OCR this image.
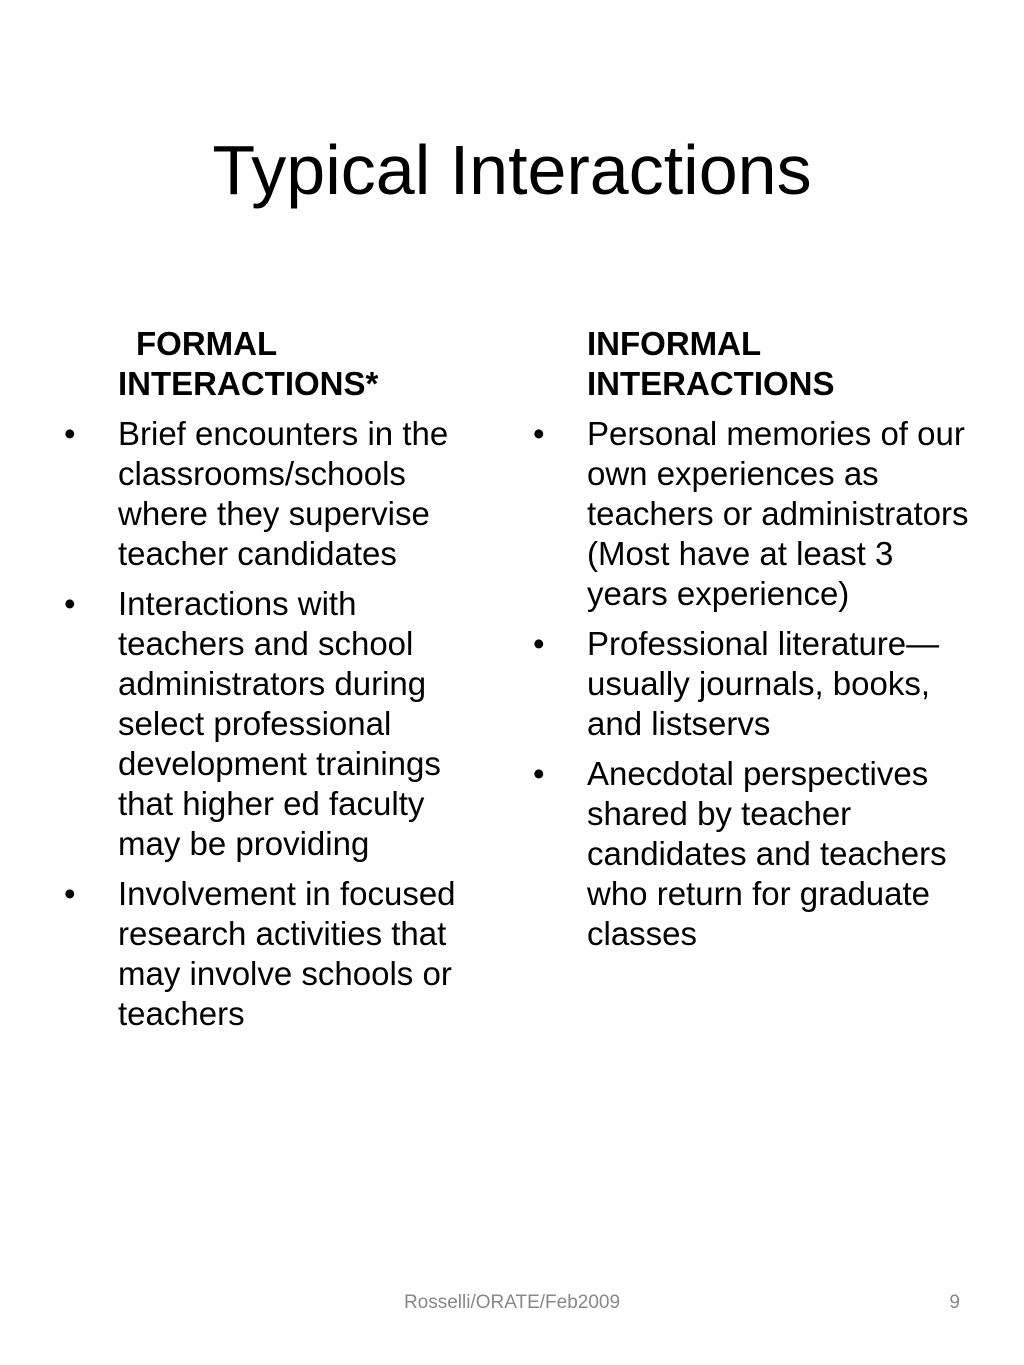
Typical Interactions
FORMAL INTERACTIONS*
• Brief encounters in the classrooms/schools where they supervise teacher candidates
• Interactions with teachers and school administrators during select professional development trainings that higher ed faculty may be providing
• Involvement in focused research activities that may involve schools or teachers
INFORMAL INTERACTIONS
• Personal memories of our own experiences as teachers or administrators (Most have at least 3 years experience)
• Professional literature—usually journals, books, and listservs
• Anecdotal perspectives shared by teacher candidates and teachers who return for graduate classes
Rosselli/ORATE/Feb2009	9
